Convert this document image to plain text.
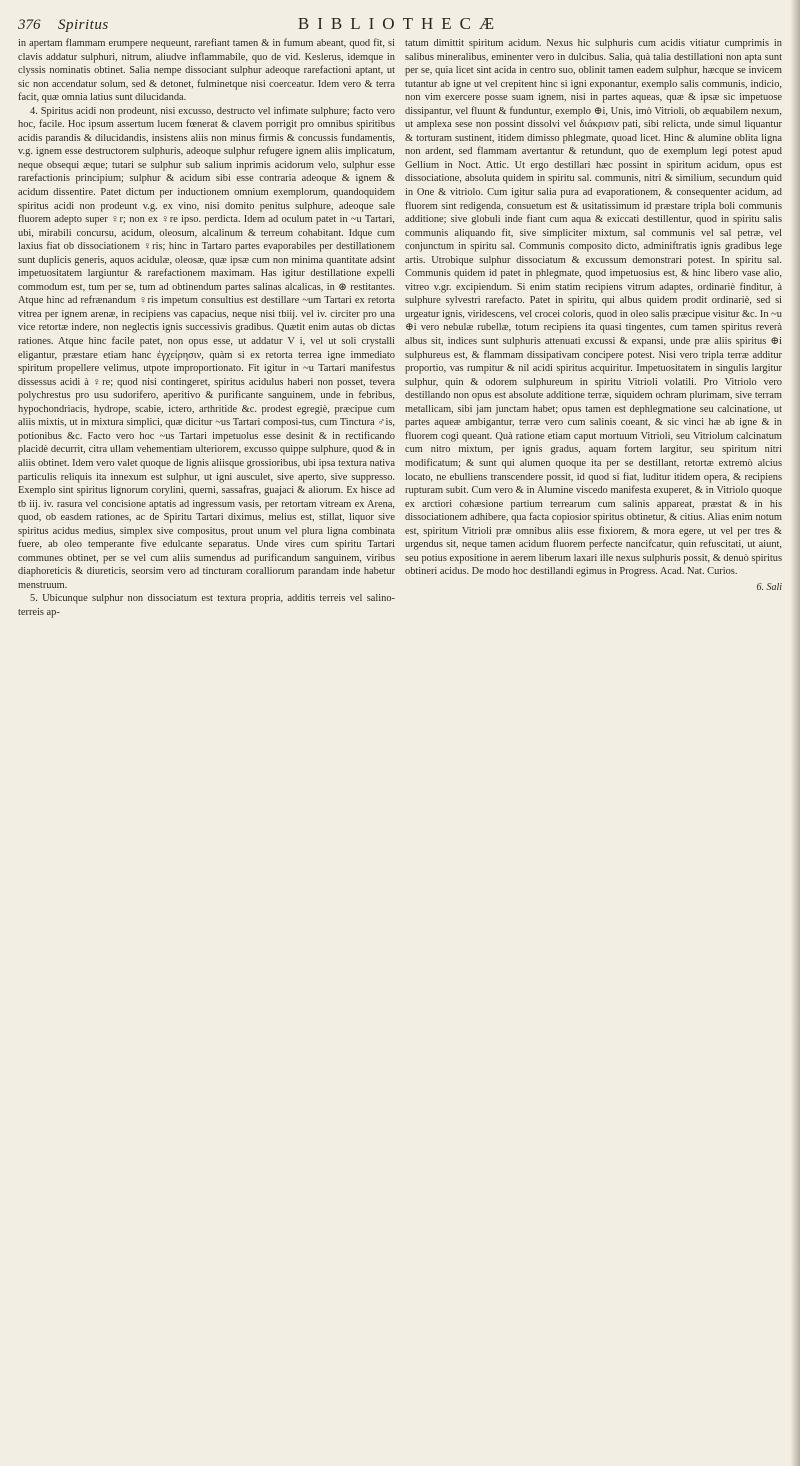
376	Spiritus	BIBLIOTHECÆ

in apertam flammam erumpere nequeunt, rarefiant tamen & in fumum abeant, quod fit, si clavis addatur sulphuri, nitrum, aliudve inflammabile, quo de vid. Keslerus, idemque in clyssis nominatis obtinet. Salia nempe dissociant sulphur adeoque rarefactioni aptant, ut sic non accendatur solum, sed & detonet, fulminetque nisi coerceatur. Idem vero & terra facit, quæ omnia latius sunt dilucidanda.

4. Spiritus acidi non prodeunt, nisi excusso, destructo vel infimate sulphure; facto vero hoc, facile. Hoc ipsum assertum lucem fœnerat & clavem porrigit pro omnibus spiritibus acidis parandis & dilucidandis, insistens aliis non minus firmis & concussis fundamentis, v.g. ignem esse destructorem sulphuris, adeoque sulphur refugere ignem aliis implicatum, neque obsequi æque; tutari se sulphur sub salium inprimis acidorum velo, sulphur esse rarefactionis principium; sulphur & acidum sibi esse contraria adeoque & ignem & acidum dissentire. Patet dictum per inductionem omnium exemplorum, quandoquidem spiritus acidi non prodeunt v.g. ex vino, nisi domito penitus sulphure, adeoque sale fluorem adepto super ♀r; non ex ♀re ipso. perdicta. Idem ad oculum patet in ~u Tartari, ubi, mirabili concursu, acidum, oleosum, alcalinum & terreum cohabitant. Idque cum laxius fiat ob dissociationem ♀ris; hinc in Tartaro partes evaporabiles per destillationem sunt duplicis generis, aquos acidulæ, oleosæ, quæ ipsæ cum non minima quantitate adsint impetuositatem largiuntur & rarefactionem maximam. Has igitur destillatione expelli commodum est, tum per se, tum ad obtinendum partes salinas alcalicas, in ⊛ restitantes. Atque hinc ad refrænandum ♀ris impetum consultius est destillare ~um Tartari ex retorta vitrea per ignem arenæ, in recipiens vas capacius, neque nisi tbiij. vel iv. circiter pro una vice retortæ indere, non neglectis ignis successivis gradibus. Quætit enim autas ob dictas rationes. Atque hinc facile patet, non opus esse, ut addatur V i, vel ut soli crystalli eligantur, præstare etiam hanc ἐγχείρησιν, quàm si ex retorta terrea igne immediato spiritum propellere velimus, utpote improportionato. Fit igitur in ~u Tartari manifestus dissessus acidi à ♀re; quod nisi contingeret, spiritus acidulus haberi non posset, tevera polychrestus pro usu sudorifero, aperitivo & purificante sanguinem, unde in febribus, hypochondriacis, hydrope, scabie, ictero, arthritide &c. prodest egregiè, præcipue cum aliis mixtis, ut in mixtura simplici, quæ dicitur ~us Tartari composi-tus, cum Tinctura ♂is, potionibus &c. Facto vero hoc ~us Tartari impetuolus esse desinit & in rectificando placidè decurrit, citra ullam vehementiam ulteriorem, excusso quippe sulphure, quod & in aliis obtinet. Idem vero valet quoque de lignis aliisque grossioribus, ubi ipsa textura nativa particulis reliquis ita innexum est sulphur, ut igni ausculet, sive aperto, sive suppresso. Exemplo sint spiritus lignorum corylini, querni, sassafras, guajaci & aliorum. Ex hisce ad tb iij. iv. rasura vel concisione aptatis ad ingressum vasis, per retortam vitream ex Arena, quod, ob easdem rationes, ac de Spiritu Tartari diximus, melius est, stillat, liquor sive spiritus acidus medius, simplex sive compositus, prout unum vel plura ligna combinata fuere, ab oleo temperante five edulcante separatus. Unde vires cum spiritu Tartari communes obtinet, per se vel cum aliis sumendus ad purificandum sanguinem, viribus diaphoreticis & diureticis, seorsim vero ad tincturam coralliorum parandam inde habetur menstruum.

5. Ubicunque sulphur non dissociatum est textura propria, additis terreis vel salino-terreis ap-

tatum dimittit spiritum acidum. Nexus hic sulphuris cum acidis vitiatur cumprimis in salibus mineralibus, eminenter vero in dulcibus. Salia, quà talia destillationi non apta sunt per se, quia licet sint acida in centro suo, oblinit tamen eadem sulphur, hæcque se invicem tutantur ab igne ut vel crepitent hinc si igni exponantur, exemplo salis communis, indicio, non vim exercere posse suam ignem, nisi in partes aqueas, quæ & ipsæ sic impetuose dissipantur, vel fluunt & funduntur, exemplo ⊕i, Unis, imò Vitrioli, ob æquabilem nexum, ut amplexa sese non possint dissolvi vel διάκρισιν pati, sibi relicta, unde simul liquantur & torturam sustinent, itidem dimisso phlegmate, quoad licet. Hinc & alumine oblita ligna non ardent, sed flammam avertantur & retundunt, quo de exemplum legi potest apud Gellium in Noct. Attic. Ut ergo destillari hæc possint in spiritum acidum, opus est dissociatione, absoluta quidem in spiritu sal. communis, nitri & similium, secundum quid in One & vitriolo. Cum igitur salia pura ad evaporationem, & consequenter acidum, ad fluorem sint redigenda, consuetum est & usitatissimum id præstare tripla boli communis additione; sive globuli inde fiant cum aqua & exiccati destillentur, quod in spiritu salis communis aliquando fit, sive simpliciter mixtum, sal communis vel sal petræ, vel conjunctum in spiritu sal. Communis composito dicto, adminiftratis ignis gradibus lege artis. Utrobique sulphur dissociatum & excussum demonstrari potest. In spiritu sal. Communis quidem id patet in phlegmate, quod impetuosius est, & hinc libero vase alio, vitreo v.gr. excipiendum. Si enim statim recipiens vitrum adaptes, ordinariè finditur, à sulphure sylvestri rarefacto. Patet in spiritu, qui albus quidem prodit ordinariè, sed si urgeatur ignis, viridescens, vel crocei coloris, quod in oleo salis præcipue visitur &c. In ~u ⊕i vero nebulæ rubellæ, totum recipiens ita quasi tingentes, cum tamen spiritus reverà albus sit, indices sunt sulphuris attenuati excussi & expansi, unde præ aliis spiritus ⊕i sulphureus est, & flammam dissipativam concipere potest. Nisi vero tripla terræ additur proportio, vas rumpitur & nil acidi spiritus acquiritur. Impetuositatem in singulis largitur sulphur, quin & odorem sulphureum in spiritu Vitrioli volatili. Pro Vitriolo vero destillando non opus est absolute additione terræ, siquidem ochram plurimam, sive terram metallicam, sibi jam junctam habet; opus tamen est dephlegmatione seu calcinatione, ut partes aqueæ ambigantur, terræ vero cum salinis coeant, & sic vinci hæ ab igne & in fluorem cogi queant. Quà ratione etiam caput mortuum Vitrioli, seu Vitriolum calcinatum cum nitro mixtum, per ignis gradus, aquam fortem largitur, seu spiritum nitri modificatum; & sunt qui alumen quoque ita per se destillant, retortæ extremò alcius locato, ne ebulliens transcendere possit, id quod si fiat, luditur itidem opera, & recipiens rupturam subit. Cum vero & in Alumine viscedo manifesta exuperet, & in Vitriolo quoque ex arctiori cohæsione partium terrearum cum salinis appareat, præstat & in his dissociationem adhibere, qua facta copiosior spiritus obtinetur, & citius. Alias enim notum est, spiritum Vitrioli præ omnibus aliis esse fixiorem, & mora egere, ut vel per tres & urgendus sit, neque tamen acidum fluorem perfecte nancifcatur, quin refuscitati, ut aiunt, seu potius expositione in aerem liberum laxari ille nexus sulphuris possit, & denuò spiritus obtineri acidus. De modo hoc destillandi egimus in Progress. Acad. Nat. Curios.

6. Sali
